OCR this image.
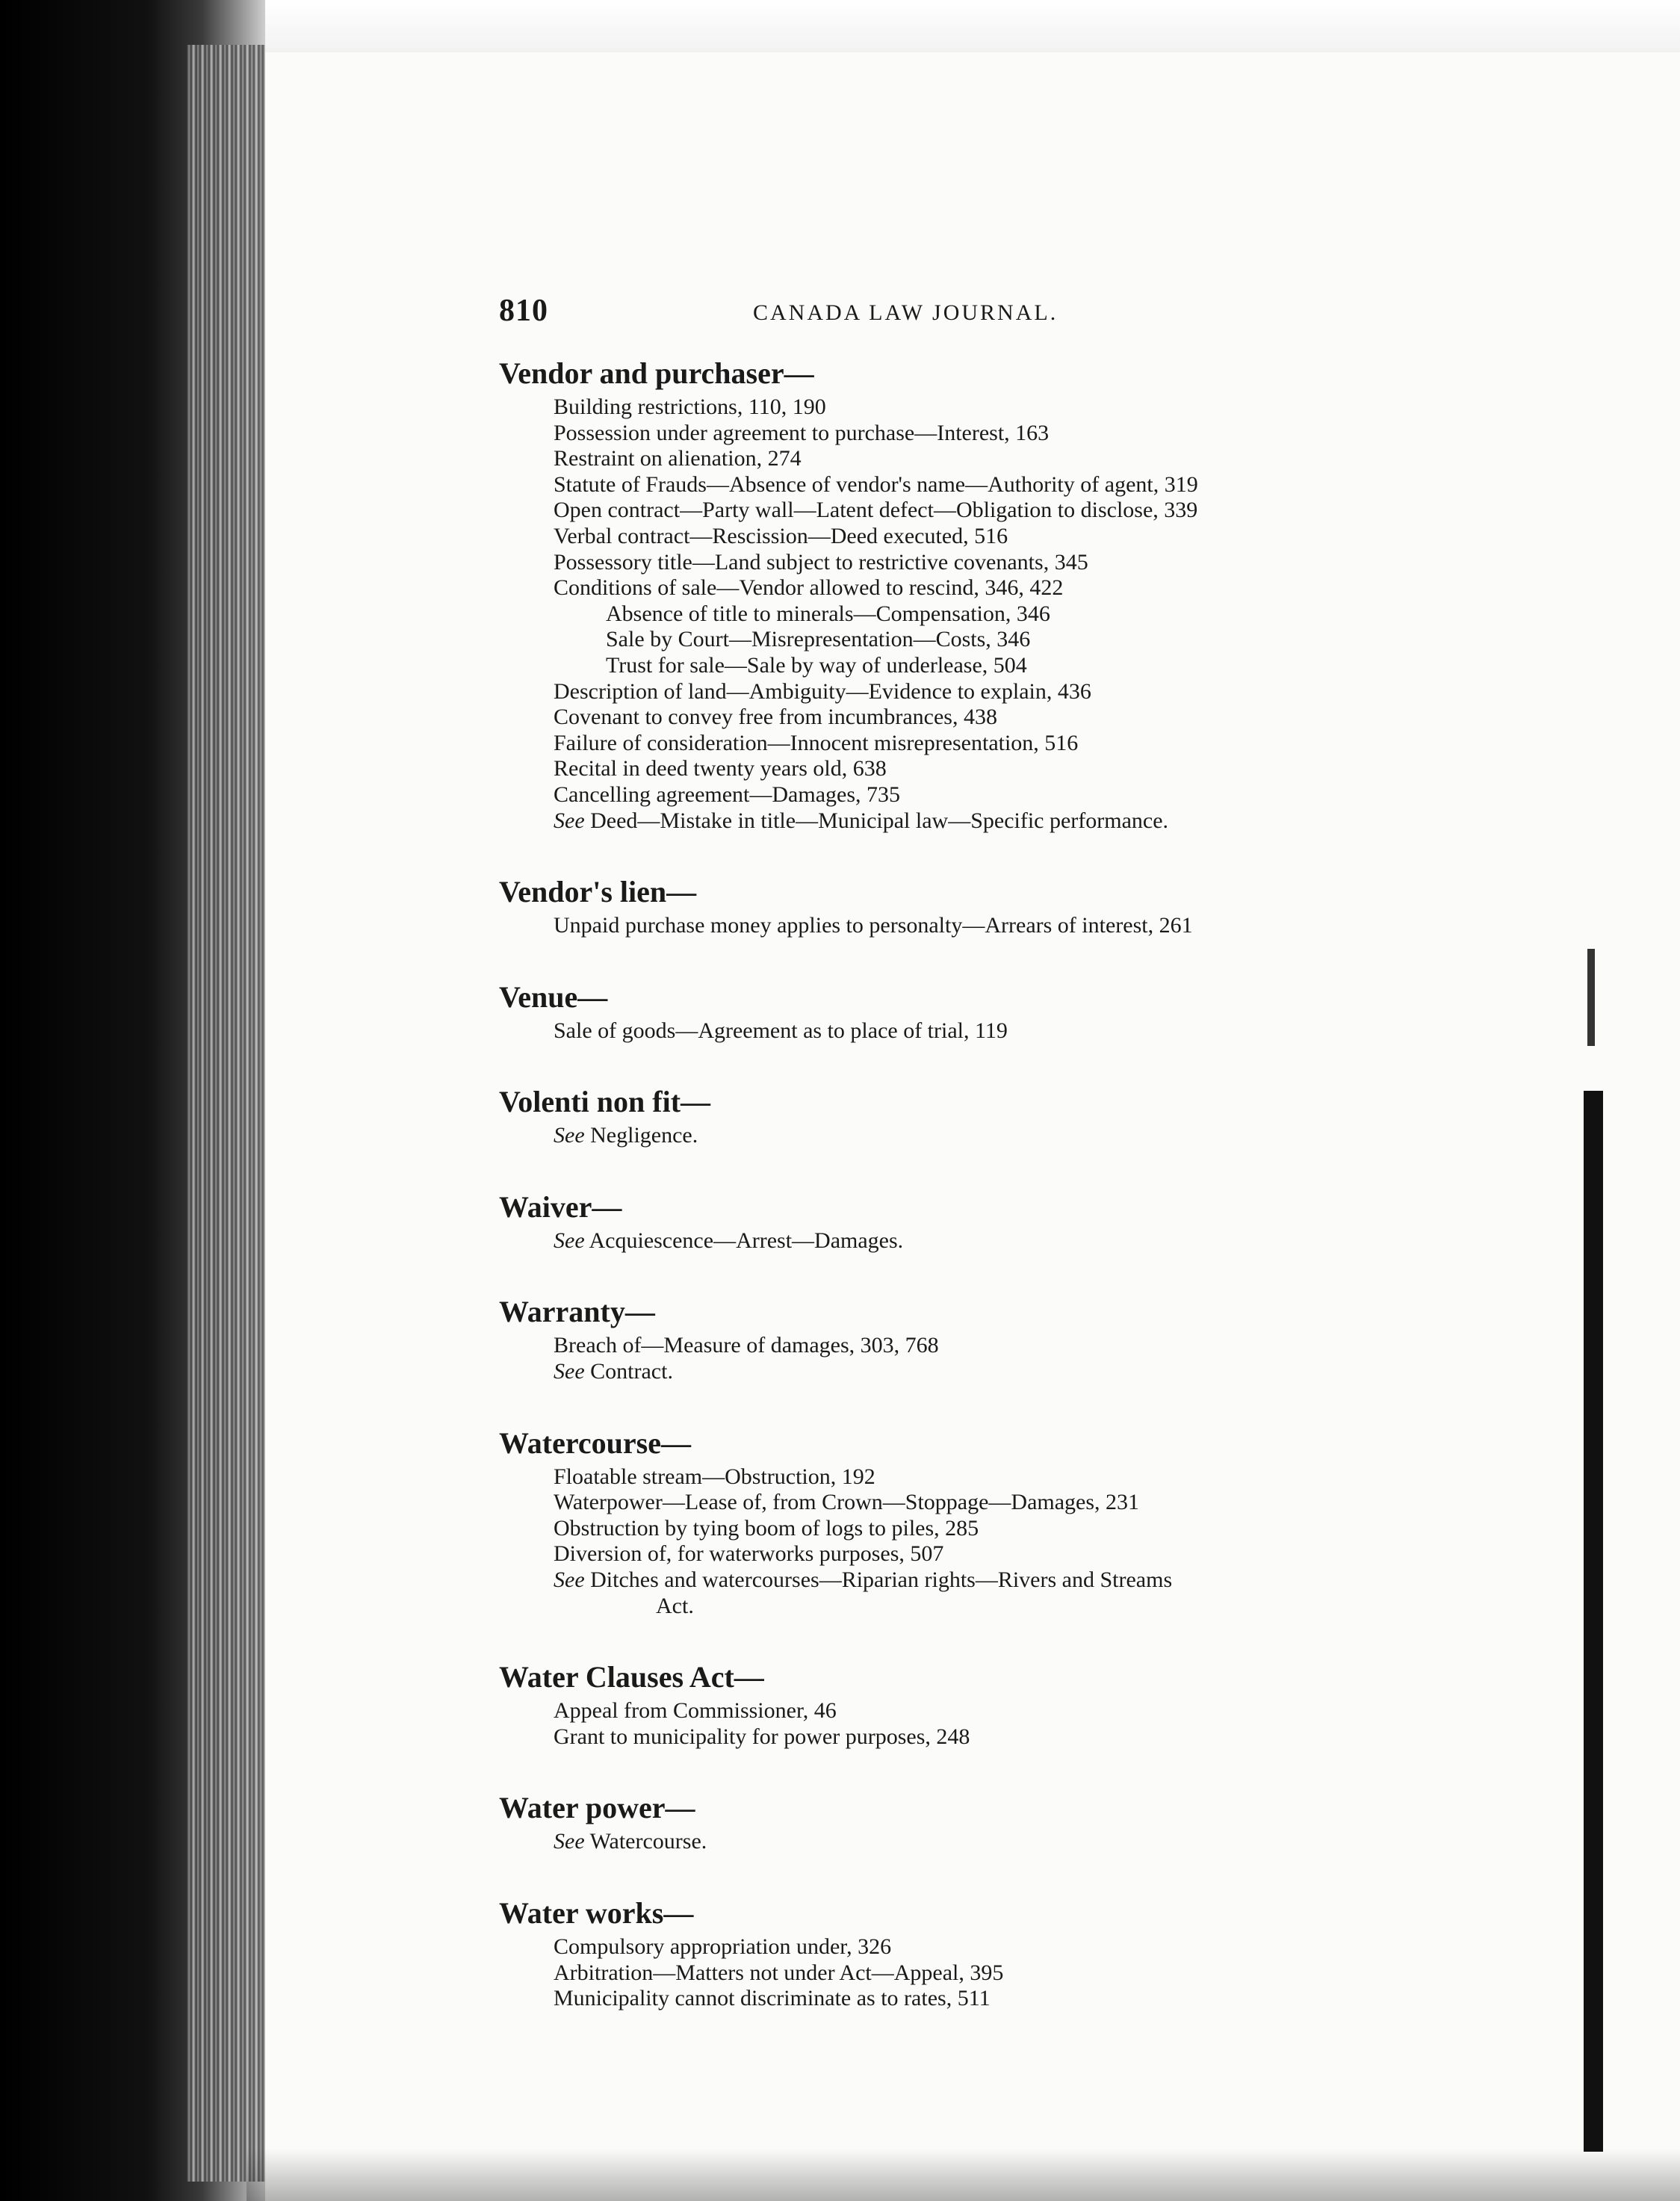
810	CANADA LAW JOURNAL.
Vendor and purchaser—
Building restrictions, 110, 190
Possession under agreement to purchase—Interest, 163
Restraint on alienation, 274
Statute of Frauds—Absence of vendor's name—Authority of agent, 319
Open contract—Party wall—Latent defect—Obligation to disclose, 339
Verbal contract—Rescission—Deed executed, 516
Possessory title—Land subject to restrictive covenants, 345
Conditions of sale—Vendor allowed to rescind, 346, 422
Absence of title to minerals—Compensation, 346
Sale by Court—Misrepresentation—Costs, 346
Trust for sale—Sale by way of underlease, 504
Description of land—Ambiguity—Evidence to explain, 436
Covenant to convey free from incumbrances, 438
Failure of consideration—Innocent misrepresentation, 516
Recital in deed twenty years old, 638
Cancelling agreement—Damages, 735
See Deed—Mistake in title—Municipal law—Specific performance.
Vendor's lien—
Unpaid purchase money applies to personalty—Arrears of interest, 261
Venue—
Sale of goods—Agreement as to place of trial, 119
Volenti non fit—
See Negligence.
Waiver—
See Acquiescence—Arrest—Damages.
Warranty—
Breach of—Measure of damages, 303, 768
See Contract.
Watercourse—
Floatable stream—Obstruction, 192
Waterpower—Lease of, from Crown—Stoppage—Damages, 231
Obstruction by tying boom of logs to piles, 285
Diversion of, for waterworks purposes, 507
See Ditches and watercourses—Riparian rights—Rivers and Streams
Act.
Water Clauses Act—
Appeal from Commissioner, 46
Grant to municipality for power purposes, 248
Water power—
See Watercourse.
Water works—
Compulsory appropriation under, 326
Arbitration—Matters not under Act—Appeal, 395
Municipality cannot discriminate as to rates, 511
